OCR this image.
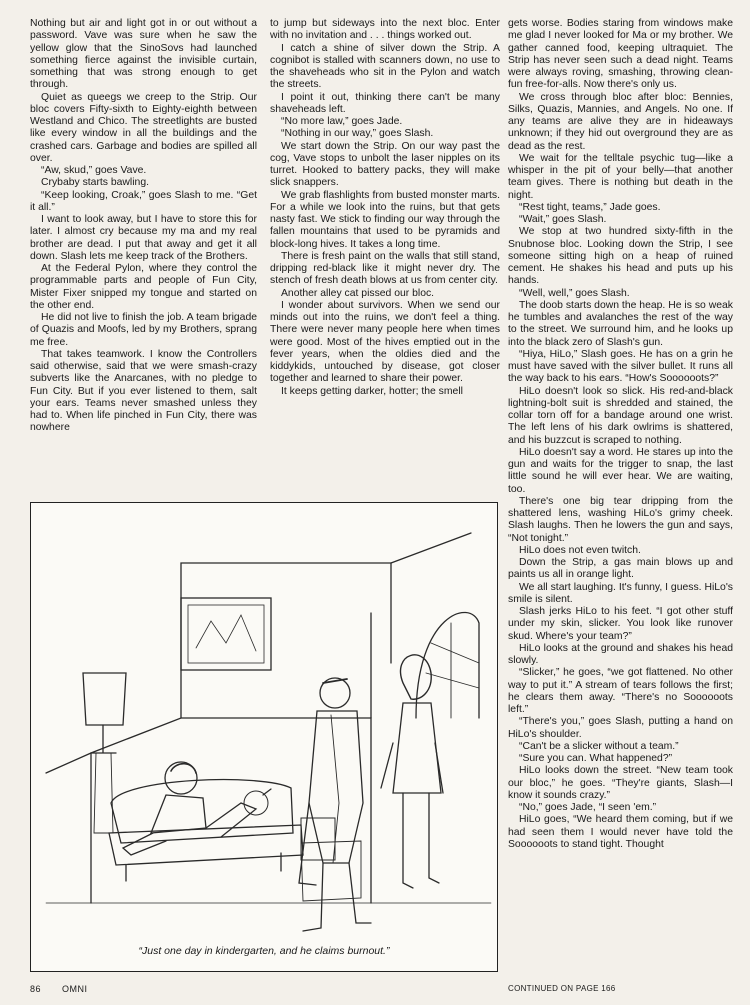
Nothing but air and light got in or out without a password. Vave was sure when he saw the yellow glow that the SinoSovs had launched something fierce against the invisible curtain, something that was strong enough to get through.

Quiet as queegs we creep to the Strip. Our bloc covers Fifty-sixth to Eighty-eighth between Westland and Chico. The streetlights are busted like every window in all the buildings and the crashed cars. Garbage and bodies are spilled all over.

“Aw, skud,” goes Vave.

Crybaby starts bawling.

“Keep looking, Croak,” goes Slash to me. “Get it all.”

I want to look away, but I have to store this for later. I almost cry because my ma and my real brother are dead. I put that away and get it all down. Slash lets me keep track of the Brothers.

At the Federal Pylon, where they control the programmable parts and people of Fun City, Mister Fixer snipped my tongue and started on the other end.

He did not live to finish the job. A team brigade of Quazis and Moofs, led by my Brothers, sprang me free.

That takes teamwork. I know the Controllers said otherwise, said that we were smash-crazy subverts like the Anarcanes, with no pledge to Fun City. But if you ever listened to them, salt your ears. Teams never smashed unless they had to. When life pinched in Fun City, there was nowhere

to jump but sideways into the next bloc. Enter with no invitation and . . . things worked out.

I catch a shine of silver down the Strip. A cognibot is stalled with scanners down, no use to the shaveheads who sit in the Pylon and watch the streets.

I point it out, thinking there can't be many shaveheads left.

“No more law,” goes Jade.

“Nothing in our way,” goes Slash.

We start down the Strip. On our way past the cog, Vave stops to unbolt the laser nipples on its turret. Hooked to battery packs, they will make slick snappers.

We grab flashlights from busted monster marts. For a while we look into the ruins, but that gets nasty fast. We stick to finding our way through the fallen mountains that used to be pyramids and block-long hives. It takes a long time.

There is fresh paint on the walls that still stand, dripping red-black like it might never dry. The stench of fresh death blows at us from center city.

Another alley cat pissed our bloc.

I wonder about survivors. When we send our minds out into the ruins, we don't feel a thing. There were never many people here when times were good. Most of the hives emptied out in the fever years, when the oldies died and the kiddykids, untouched by disease, got closer together and learned to share their power.

It keeps getting darker, hotter; the smell

gets worse. Bodies staring from windows make me glad I never looked for Ma or my brother. We gather canned food, keeping ultraquiet. The Strip has never seen such a dead night. Teams were always roving, smashing, throwing clean-fun free-for-alls. Now there's only us.

We cross through bloc after bloc: Bennies, Silks, Quazis, Mannies, and Angels. No one. If any teams are alive they are in hideaways unknown; if they hid out overground they are as dead as the rest.

We wait for the telltale psychic tug—like a whisper in the pit of your belly—that another team gives. There is nothing but death in the night.

“Rest tight, teams,” Jade goes.

“Wait,” goes Slash.

We stop at two hundred sixty-fifth in the Snubnose bloc. Looking down the Strip, I see someone sitting high on a heap of ruined cement. He shakes his head and puts up his hands.

“Well, well,” goes Slash.

The doob starts down the heap. He is so weak he tumbles and avalanches the rest of the way to the street. We surround him, and he looks up into the black zero of Slash's gun.

“Hiya, HiLo,” Slash goes. He has on a grin he must have saved with the silver bullet. It runs all the way back to his ears. “How's Soooooots?”

HiLo doesn't look so slick. His red-and-black lightning-bolt suit is shredded and stained, the collar torn off for a bandage around one wrist. The left lens of his dark owlrims is shattered, and his buzzcut is scraped to nothing.

HiLo doesn't say a word. He stares up into the gun and waits for the trigger to snap, the last little sound he will ever hear. We are waiting, too.

There's one big tear dripping from the shattered lens, washing HiLo's grimy cheek. Slash laughs. Then he lowers the gun and says, “Not tonight.”

HiLo does not even twitch.

Down the Strip, a gas main blows up and paints us all in orange light.

We all start laughing. It's funny, I guess. HiLo's smile is silent.

Slash jerks HiLo to his feet. “I got other stuff under my skin, slicker. You look like runover skud. Where's your team?”

HiLo looks at the ground and shakes his head slowly.

“Slicker,” he goes, “we got flattened. No other way to put it.” A stream of tears follows the first; he clears them away. “There's no Soooooots left.”

“There's you,” goes Slash, putting a hand on HiLo's shoulder.

“Can't be a slicker without a team.”

“Sure you can. What happened?”

HiLo looks down the street. “New team took our bloc,” he goes. “They're giants, Slash—I know it sounds crazy.”

“No,” goes Jade, “I seen 'em.”

HiLo goes, “We heard them coming, but if we had seen them I would never have told the Soooooots to stand tight. Thought

“Just one day in kindergarten, and he claims burnout.”
86 OMNI	CONTINUED ON PAGE 166
